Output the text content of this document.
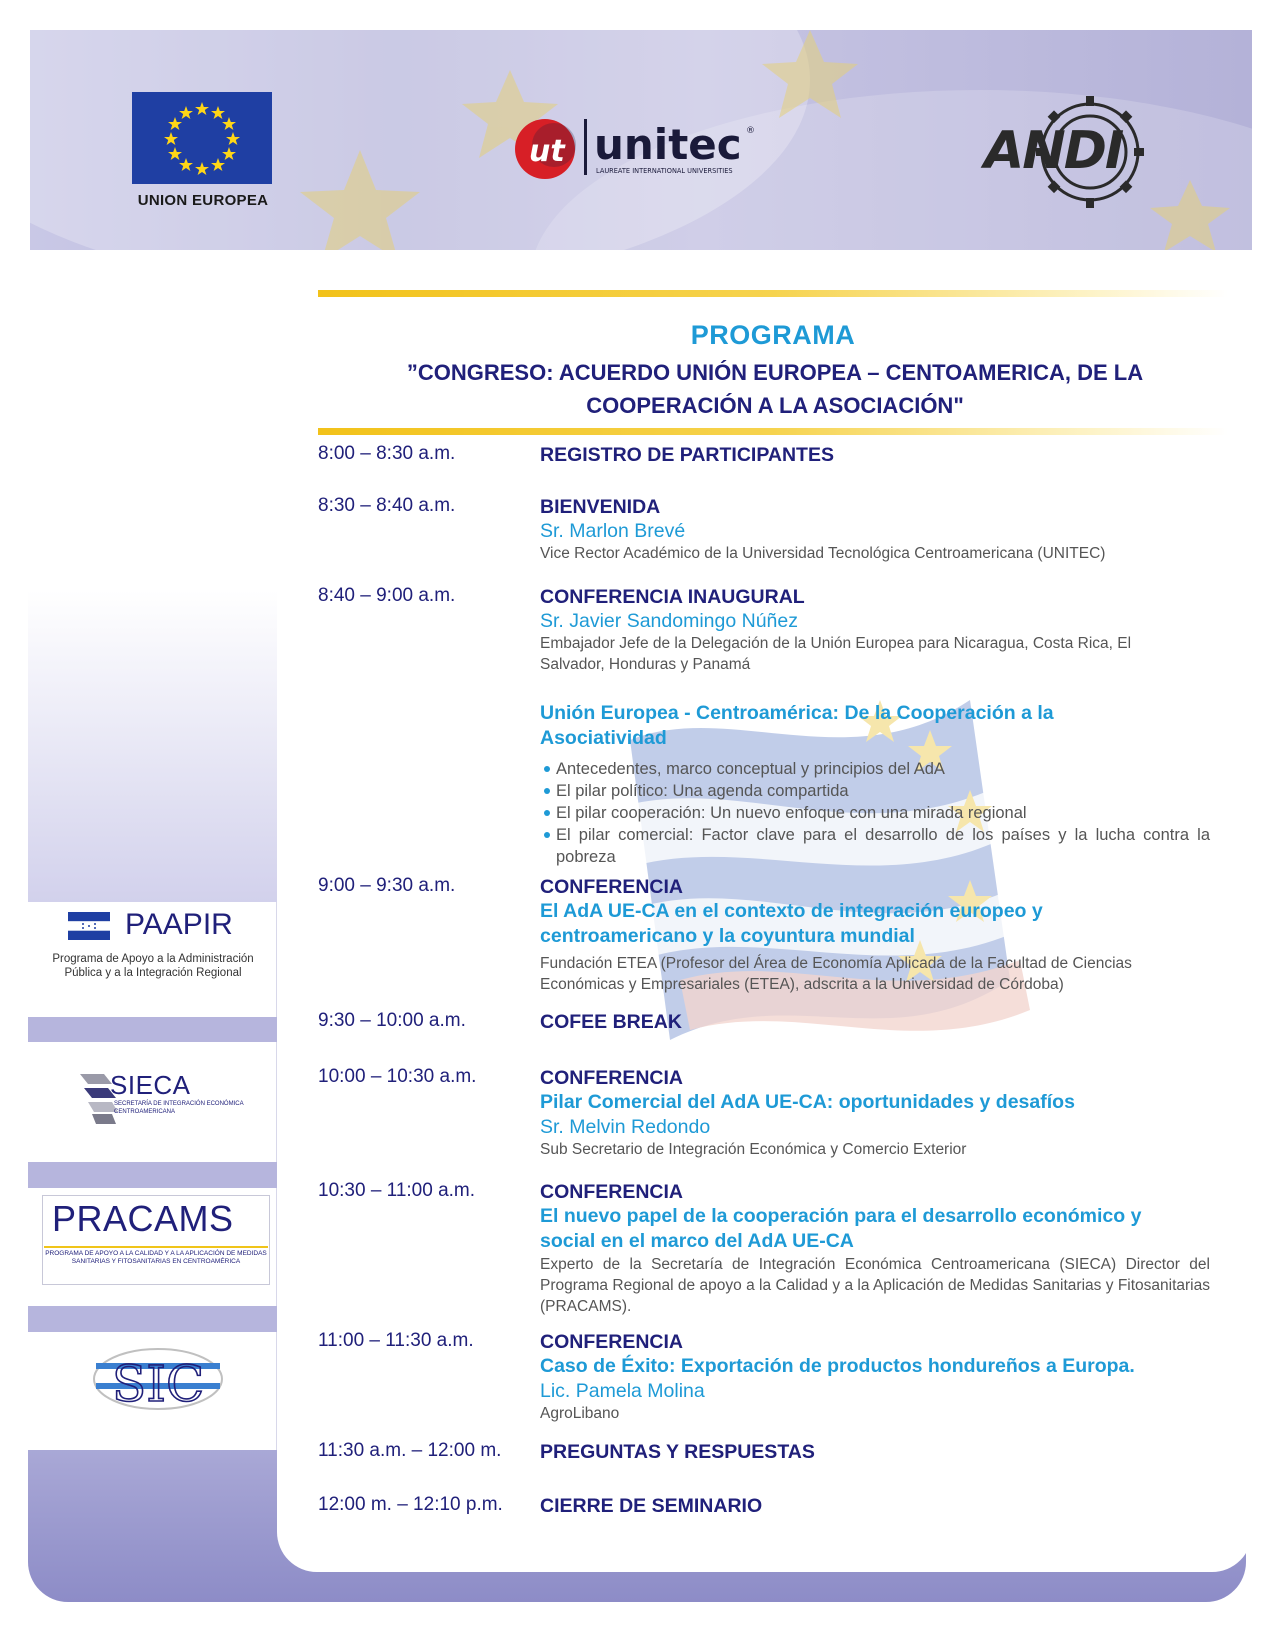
UNION EUROPEA
ut unitec ®
LAUREATE INTERNATIONAL UNIVERSITIES	ANDI
PAAPIR
Programa de Apoyo a la Administración Pública y a la Integración Regional
SIECA
SECRETARÍA DE INTEGRACIÓN ECONÓMICA CENTROAMERICANA
PRACAMS
PROGRAMA DE APOYO A LA CALIDAD Y A LA APLICACIÓN DE MEDIDAS SANITARIAS Y FITOSANITARIAS EN CENTROAMÉRICA
SIC
PROGRAMA
”CONGRESO: ACUERDO UNIÓN EUROPEA – CENTOAMERICA, DE LA COOPERACIÓN A LA ASOCIACIÓN"
8:00 – 8:30 a.m.	REGISTRO DE PARTICIPANTES
8:30 – 8:40 a.m.	BIENVENIDA
Sr. Marlon Brevé
Vice Rector Académico de la Universidad Tecnológica Centroamericana (UNITEC)
8:40 – 9:00 a.m.	CONFERENCIA INAUGURAL
Sr. Javier Sandomingo Núñez
Embajador Jefe de la Delegación de la Unión Europea para Nicaragua, Costa Rica, El Salvador, Honduras y Panamá
Unión Europea - Centroamérica: De la Cooperación a la Asociatividad
Antecedentes, marco conceptual y principios del AdA
El pilar político: Una agenda compartida
El pilar cooperación: Un nuevo enfoque con una mirada regional
El pilar comercial: Factor clave para el desarrollo de los países y la lucha contra la pobreza
9:00 – 9:30 a.m.	CONFERENCIA
El AdA UE-CA en el contexto de integración europeo y centroamericano y la coyuntura mundial
Fundación ETEA (Profesor del Área de Economía Aplicada de la Facultad de Ciencias Económicas y Empresariales (ETEA), adscrita a la Universidad de Córdoba)
9:30 – 10:00 a.m.	COFEE BREAK
10:00 – 10:30 a.m.	CONFERENCIA
Pilar Comercial del AdA UE-CA: oportunidades y desafíos
Sr. Melvin Redondo
Sub Secretario de Integración Económica y Comercio Exterior
10:30 – 11:00 a.m.	CONFERENCIA
El nuevo papel de la cooperación para el desarrollo económico y social en el marco del AdA UE-CA
Experto de la Secretaría de Integración Económica Centroamericana (SIECA) Director del Programa Regional de apoyo a la Calidad y a la Aplicación de Medidas Sanitarias y Fitosanitarias (PRACAMS).
11:00 – 11:30 a.m.	CONFERENCIA
Caso de Éxito: Exportación de productos hondureños a Europa.
Lic. Pamela Molina
AgroLibano
11:30 a.m. – 12:00 m. PREGUNTAS Y RESPUESTAS
12:00 m. – 12:10 p.m. CIERRE DE SEMINARIO
